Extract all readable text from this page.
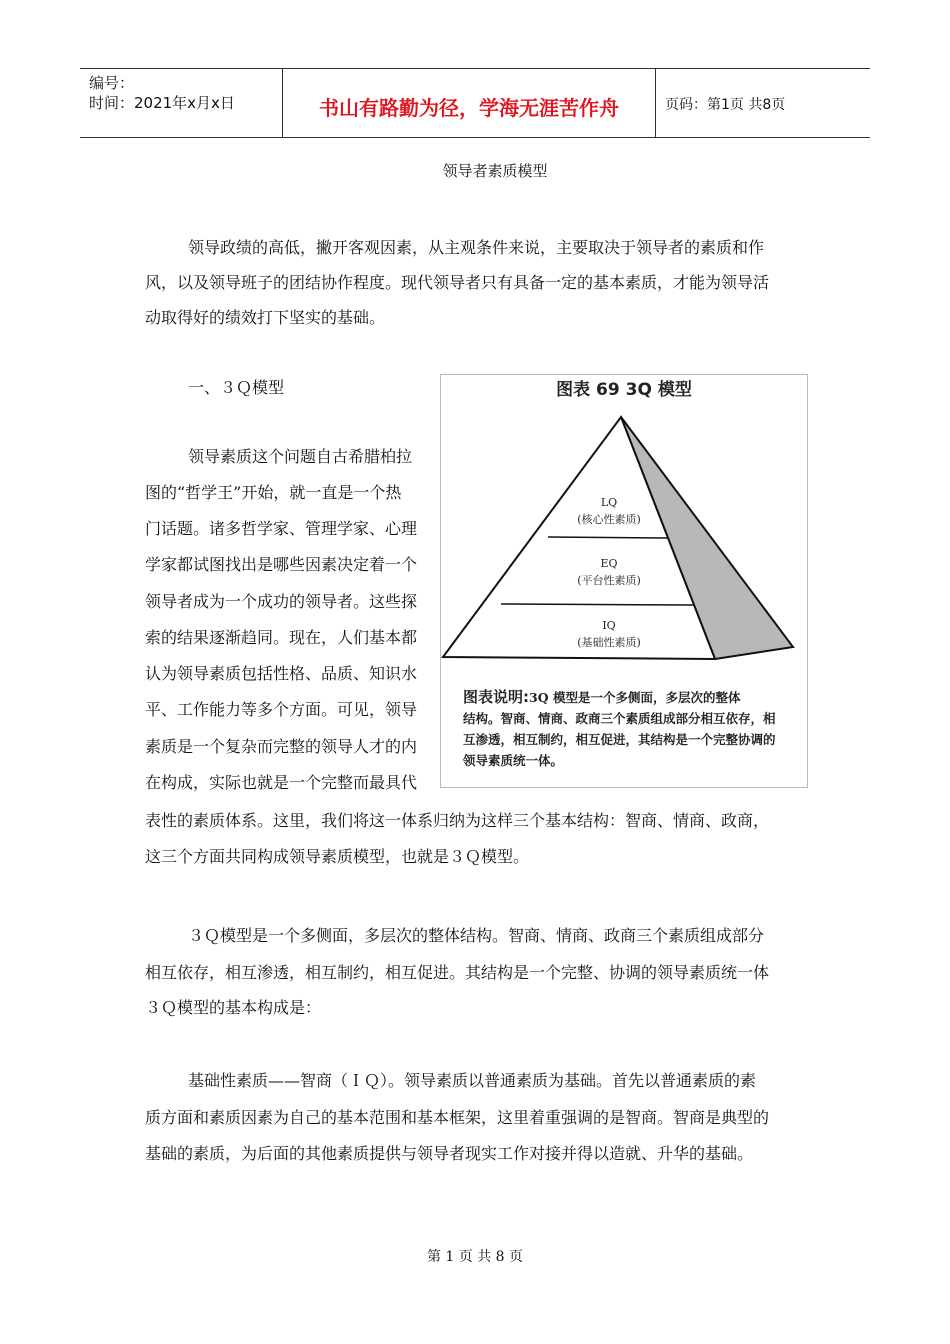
编号：
时间：2021年x月x日	书山有路勤为径，学海无涯苦作舟	页码：第1页 共8页
领导者素质模型

领导政绩的高低，撇开客观因素，从主观条件来说，主要取决于领导者的素质和作

风，以及领导班子的团结协作程度。现代领导者只有具备一定的基本素质，才能为领导活

动取得好的绩效打下坚实的基础。

一、３Ｑ模型

领导素质这个问题自古希腊柏拉

图的“哲学王”开始，就一直是一个热

门话题。诸多哲学家、管理学家、心理

学家都试图找出是哪些因素决定着一个

领导者成为一个成功的领导者。这些探

索的结果逐渐趋同。现在，人们基本都

认为领导素质包括性格、品质、知识水

平、工作能力等多个方面。可见，领导

素质是一个复杂而完整的领导人才的内

在构成，实际也就是一个完整而最具代

表性的素质体系。这里，我们将这一体系归纳为这样三个基本结构：智商、情商、政商，

这三个方面共同构成领导素质模型，也就是３Ｑ模型。

图表 69 3Q 模型
LQ
(核心性素质)
EQ
(平台性素质)
IQ
(基础性素质)
图表说明:3Q 模型是一个多侧面，多层次的整体
结构。智商、情商、政商三个素质组成部分相互依存，相
互渗透，相互制约，相互促进，其结构是一个完整协调的
领导素质统一体。

３Ｑ模型是一个多侧面，多层次的整体结构。智商、情商、政商三个素质组成部分

相互依存，相互渗透，相互制约，相互促进。其结构是一个完整、协调的领导素质统一体

３Ｑ模型的基本构成是：

基础性素质——智商（ＩＱ）。领导素质以普通素质为基础。首先以普通素质的素

质方面和素质因素为自己的基本范围和基本框架，这里着重强调的是智商。智商是典型的

基础的素质，为后面的其他素质提供与领导者现实工作对接并得以造就、升华的基础。

第 1 页 共 8 页
